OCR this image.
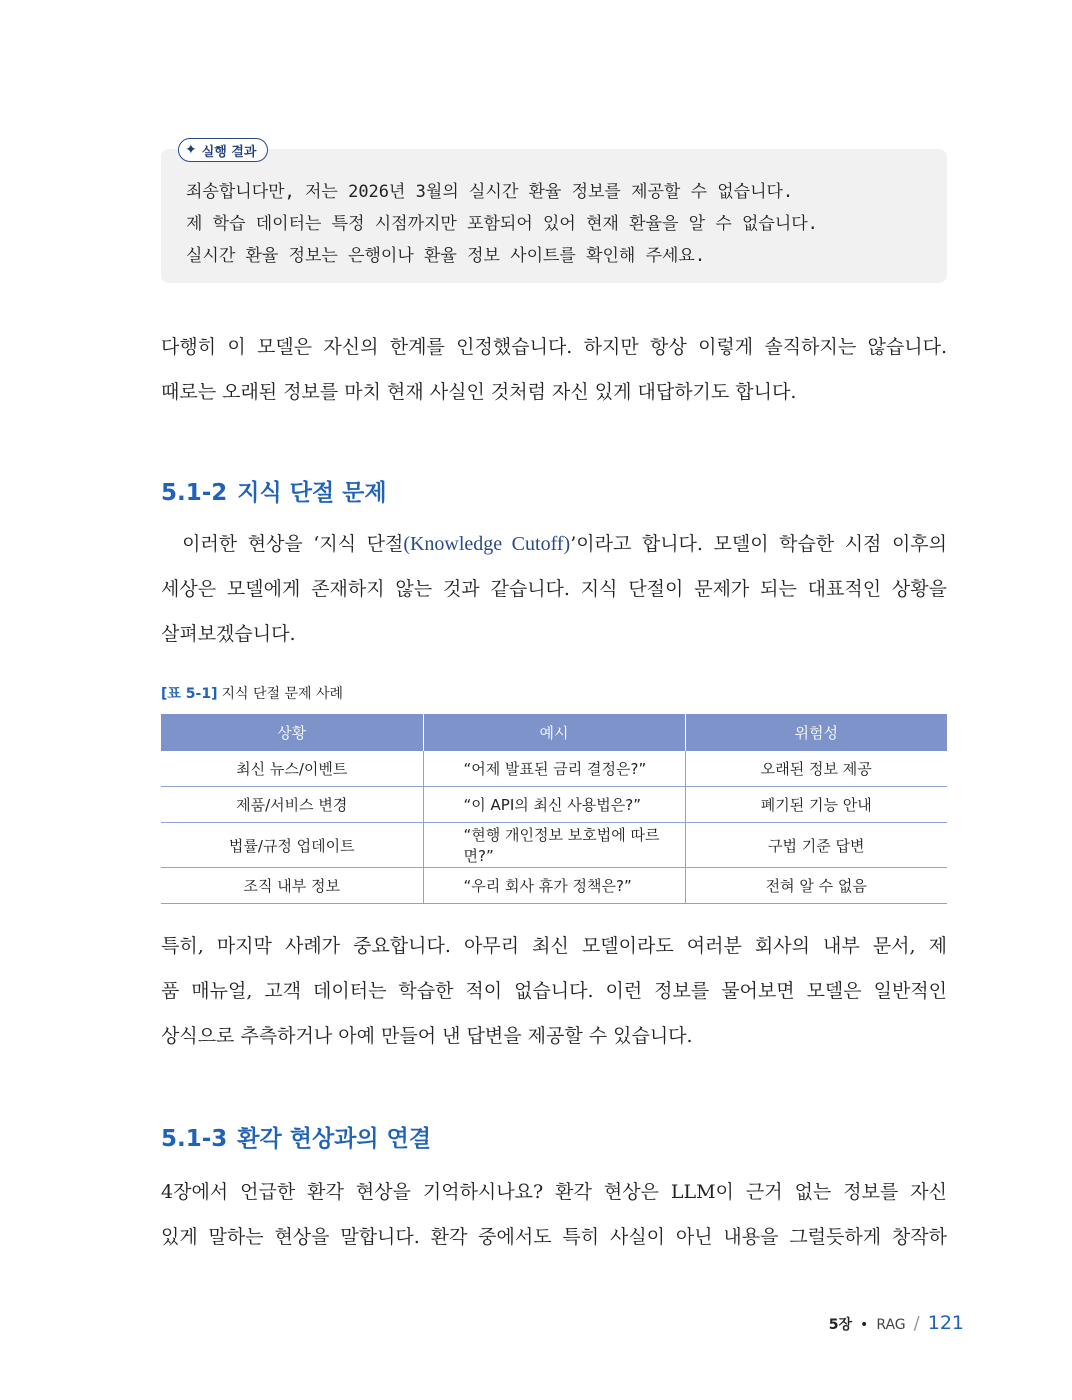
✦ 실행 결과
죄송합니다만, 저는 2026년 3월의 실시간 환율 정보를 제공할 수 없습니다.
제 학습 데이터는 특정 시점까지만 포함되어 있어 현재 환율을 알 수 없습니다.
실시간 환율 정보는 은행이나 환율 정보 사이트를 확인해 주세요.
다행히 이 모델은 자신의 한계를 인정했습니다. 하지만 항상 이렇게 솔직하지는 않습니다.
때로는 오래된 정보를 마치 현재 사실인 것처럼 자신 있게 대답하기도 합니다.
5.1-2 지식 단절 문제
이러한 현상을 ‘지식 단절(Knowledge Cutoff)’이라고 합니다. 모델이 학습한 시점 이후의
세상은 모델에게 존재하지 않는 것과 같습니다. 지식 단절이 문제가 되는 대표적인 상황을
살펴보겠습니다.
[표 5-1] 지식 단절 문제 사례
상황	예시	위험성
최신 뉴스/이벤트	“어제 발표된 금리 결정은?”	오래된 정보 제공
제품/서비스 변경	“이 API의 최신 사용법은?”	폐기된 기능 안내
법률/규정 업데이트	“현행 개인정보 보호법에 따르면?”	구법 기준 답변
조직 내부 정보	“우리 회사 휴가 정책은?”	전혀 알 수 없음
특히, 마지막 사례가 중요합니다. 아무리 최신 모델이라도 여러분 회사의 내부 문서, 제
품 매뉴얼, 고객 데이터는 학습한 적이 없습니다. 이런 정보를 물어보면 모델은 일반적인
상식으로 추측하거나 아예 만들어 낸 답변을 제공할 수 있습니다.
5.1-3 환각 현상과의 연결
4장에서 언급한 환각 현상을 기억하시나요? 환각 현상은 LLM이 근거 없는 정보를 자신
있게 말하는 현상을 말합니다. 환각 중에서도 특히 사실이 아닌 내용을 그럴듯하게 창작하
5장 • RAG / 121
